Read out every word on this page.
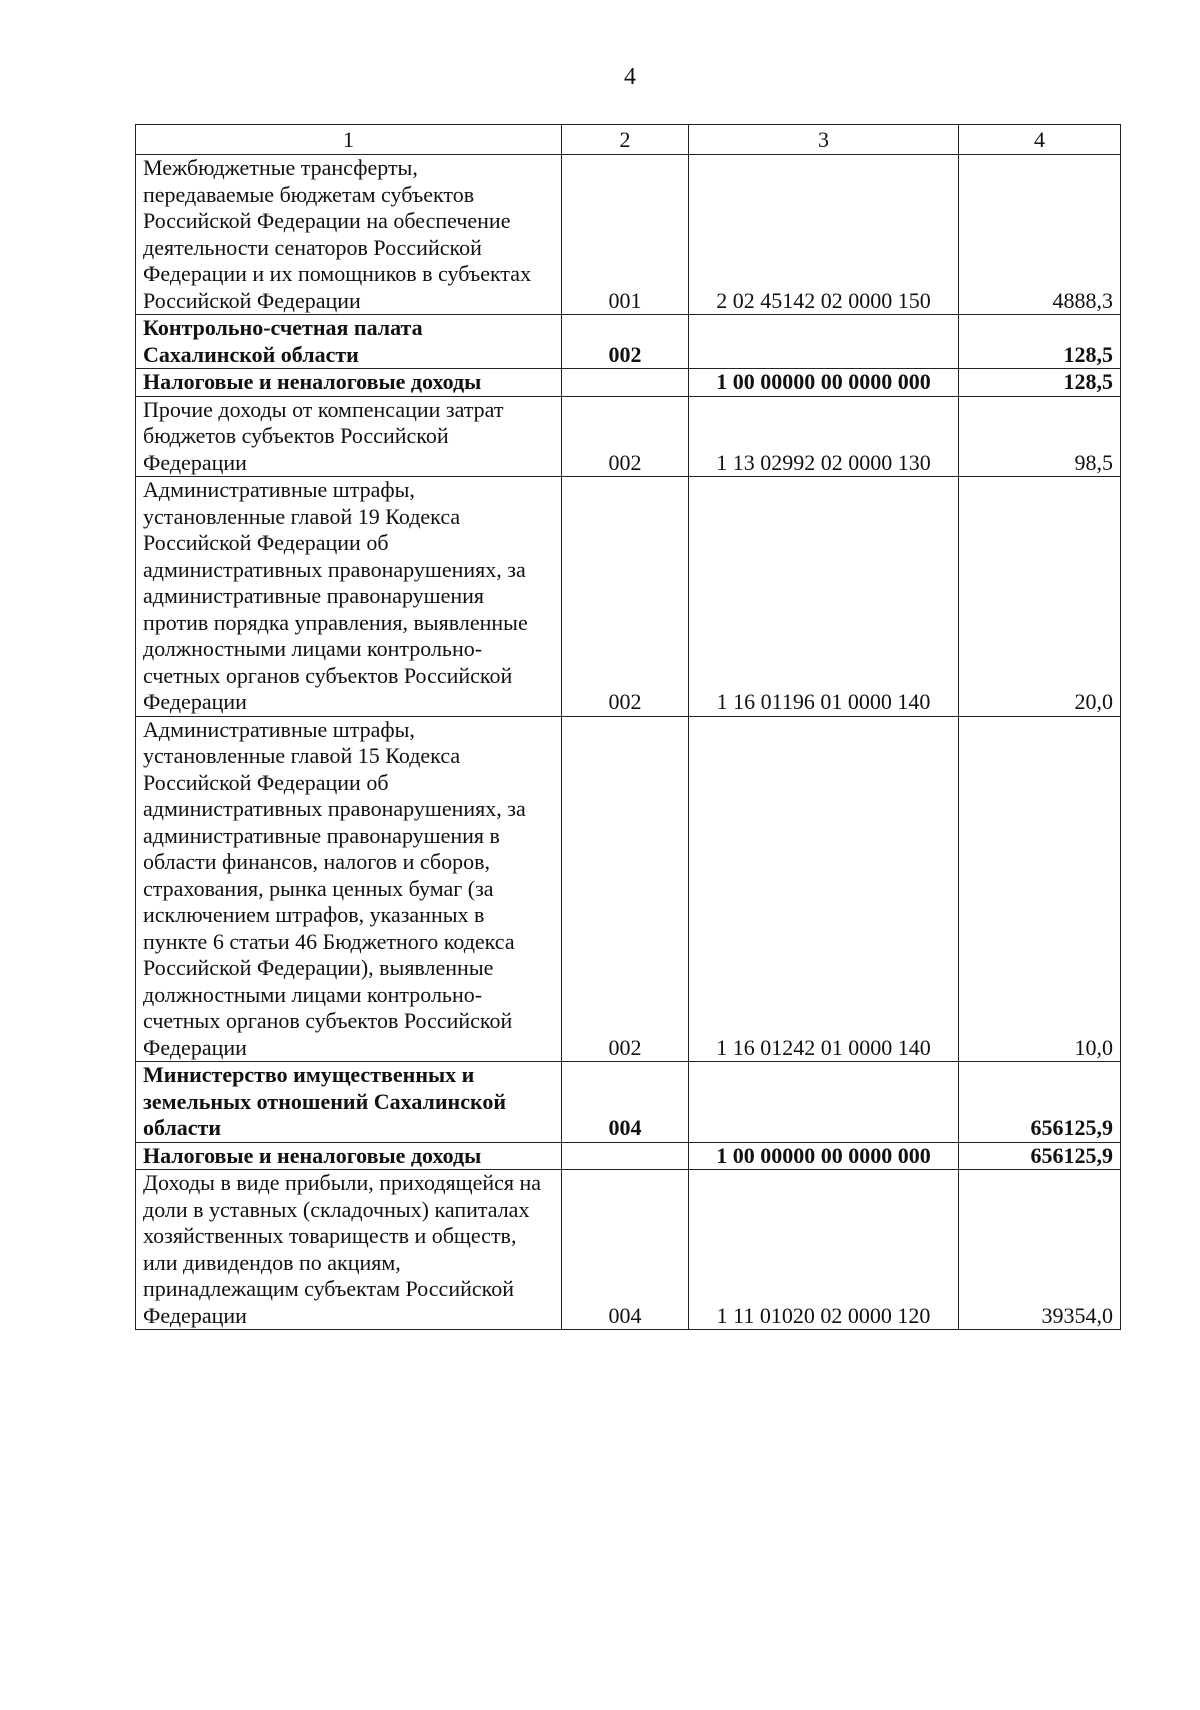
4
1	2	3	4
Межбюджетные трансферты, передаваемые бюджетам субъектов Российской Федерации на обеспечение деятельности сенаторов Российской Федерации и их помощников в субъектах Российской Федерации	001	2 02 45142 02 0000 150	4888,3
Контрольно-счетная палата Сахалинской области	002		128,5
Налоговые и неналоговые доходы		1 00 00000 00 0000 000	128,5
Прочие доходы от компенсации затрат бюджетов субъектов Российской Федерации	002	1 13 02992 02 0000 130	98,5
Административные штрафы, установленные главой 19 Кодекса Российской Федерации об административных правонарушениях, за административные правонарушения против порядка управления, выявленные должностными лицами контрольно-счетных органов субъектов Российской Федерации	002	1 16 01196 01 0000 140	20,0
Административные штрафы, установленные главой 15 Кодекса Российской Федерации об административных правонарушениях, за административные правонарушения в области финансов, налогов и сборов, страхования, рынка ценных бумаг (за исключением штрафов, указанных в пункте 6 статьи 46 Бюджетного кодекса Российской Федерации), выявленные должностными лицами контрольно-счетных органов субъектов Российской Федерации	002	1 16 01242 01 0000 140	10,0
Министерство имущественных и земельных отношений Сахалинской области	004		656125,9
Налоговые и неналоговые доходы		1 00 00000 00 0000 000	656125,9
Доходы в виде прибыли, приходящейся на доли в уставных (складочных) капиталах хозяйственных товариществ и обществ, или дивидендов по акциям, принадлежащим субъектам Российской Федерации	004	1 11 01020 02 0000 120	39354,0
